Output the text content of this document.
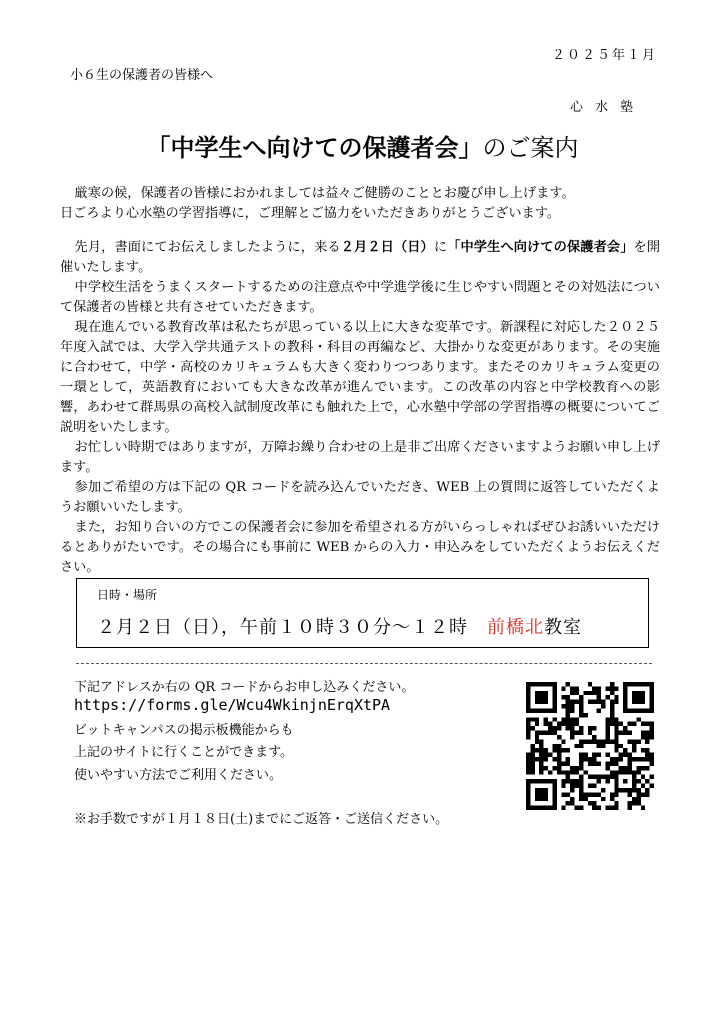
２０２５年１月
小６生の保護者の皆様へ
心水塾
「中学生へ向けての保護者会」のご案内

厳寒の候，保護者の皆様におかれましては益々ご健勝のこととお慶び申し上げます。

日ごろより心水塾の学習指導に，ご理解とご協力をいただきありがとうございます。

先月，書面にてお伝えしましたように，来る２月２日（日）に「中学生へ向けての保護者会」を開催いたします。

中学校生活をうまくスタートするための注意点や中学進学後に生じやすい問題とその対処法について保護者の皆様と共有させていただきます。

現在進んでいる教育改革は私たちが思っている以上に大きな変革です。新課程に対応した２０２５年度入試では、大学入学共通テストの教科・科目の再編など、大掛かりな変更があります。その実施に合わせて，中学・高校のカリキュラムも大きく変わりつつあります。またそのカリキュラム変更の一環として，英語教育においても大きな改革が進んでいます。この改革の内容と中学校教育への影響，あわせて群馬県の高校入試制度改革にも触れた上で，心水塾中学部の学習指導の概要についてご説明をいたします。

お忙しい時期ではありますが，万障お繰り合わせの上是非ご出席くださいますようお願い申し上げます。

参加ご希望の方は下記の QR コードを読み込んでいただき、WEB 上の質問に返答していただくようお願いいたします。

また，お知り合いの方でこの保護者会に参加を希望される方がいらっしゃればぜひお誘いいただけるとありがたいです。その場合にも事前に WEB からの入力・申込みをしていただくようお伝えください。

日時・場所
２月２日（日），午前１０時３０分～１２時　 前橋北教室
下記アドレスか右の QR コードからお申し込みください。
https://forms.gle/Wcu4WkinjnErqXtPA
ビットキャンパスの掲示板機能からも
上記のサイトに行くことができます。
使いやすい方法でご利用ください。
※お手数ですが１月１８日(土)までにご返答・ご送信ください。
